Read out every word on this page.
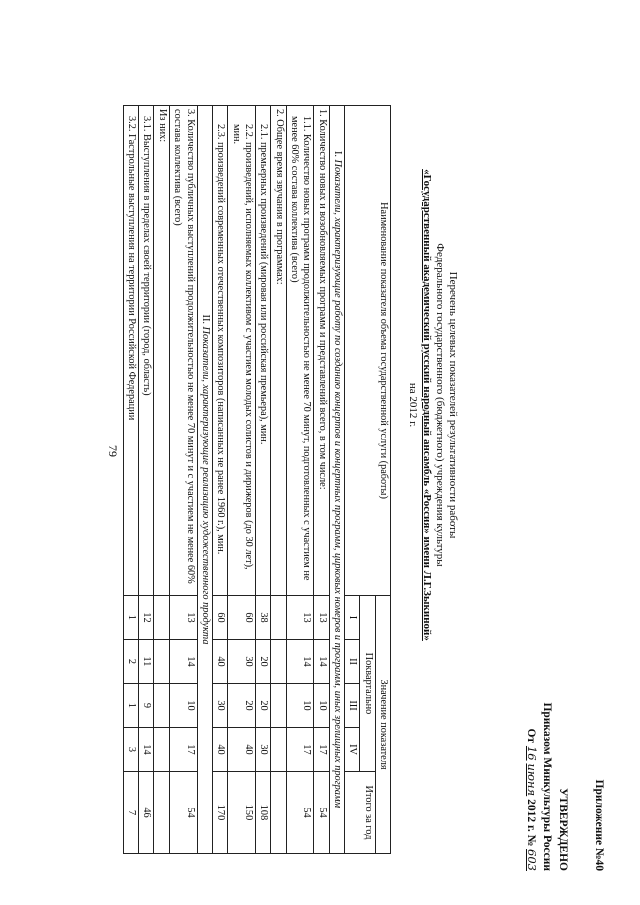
79
Приложение №40
УТВЕРЖДЕНО
Приказом Минкультуры России
От 16 июня 2012 г. № 603
Перечень целевых показателей результативности работы
Федерального государственного (бюджетного) учреждения культуры
«Государственный академический русский народный ансамбль «Россия» имени Л.Г.Зыкиной»
на 2012 г.
Наименование показателя объема государственной услуги (работы)	Значение показателя				
	Поквартально				Итого за год
	I	II	III	IV	
I. Показатели, характеризующие работу по созданию концертов и концертных программ, цирковых номеров и программ, иных зрелищных программ					
1. Количество новых и возобновляемых программ и представлений всего, в том числе:	13	14	10	17	54
1.1. Количество новых программ продолжительностью не менее 70 минут, подготовленных с участием не менее 60% состава коллектива (всего)	13	14	10	17	54
2. Общее время звучания в программах:					
2.1. премьерных произведений (мировая или российская премьера), мин.	38	20	20	30	108
2.2. произведений, исполняемых коллективом с участием молодых солистов и дирижеров (до 30 лет), мин.	60	30	20	40	150
2.3. произведений современных отечественных композиторов (написанных не ранее 1960 г.), мин.	60	40	30	40	170
II. Показатели, характеризующие реализацию художественного продукта					
3. Количество публичных выступлений продолжительностью не менее 70 минут и с участием не менее 60% состава коллектива (всего)	13	14	10	17	54
Из них:					
3.1. Выступления в пределах своей территории (город, область)	12	11	9	14	46
3.2. Гастрольные выступления на территории Российской Федерации	1	2	1	3	7
